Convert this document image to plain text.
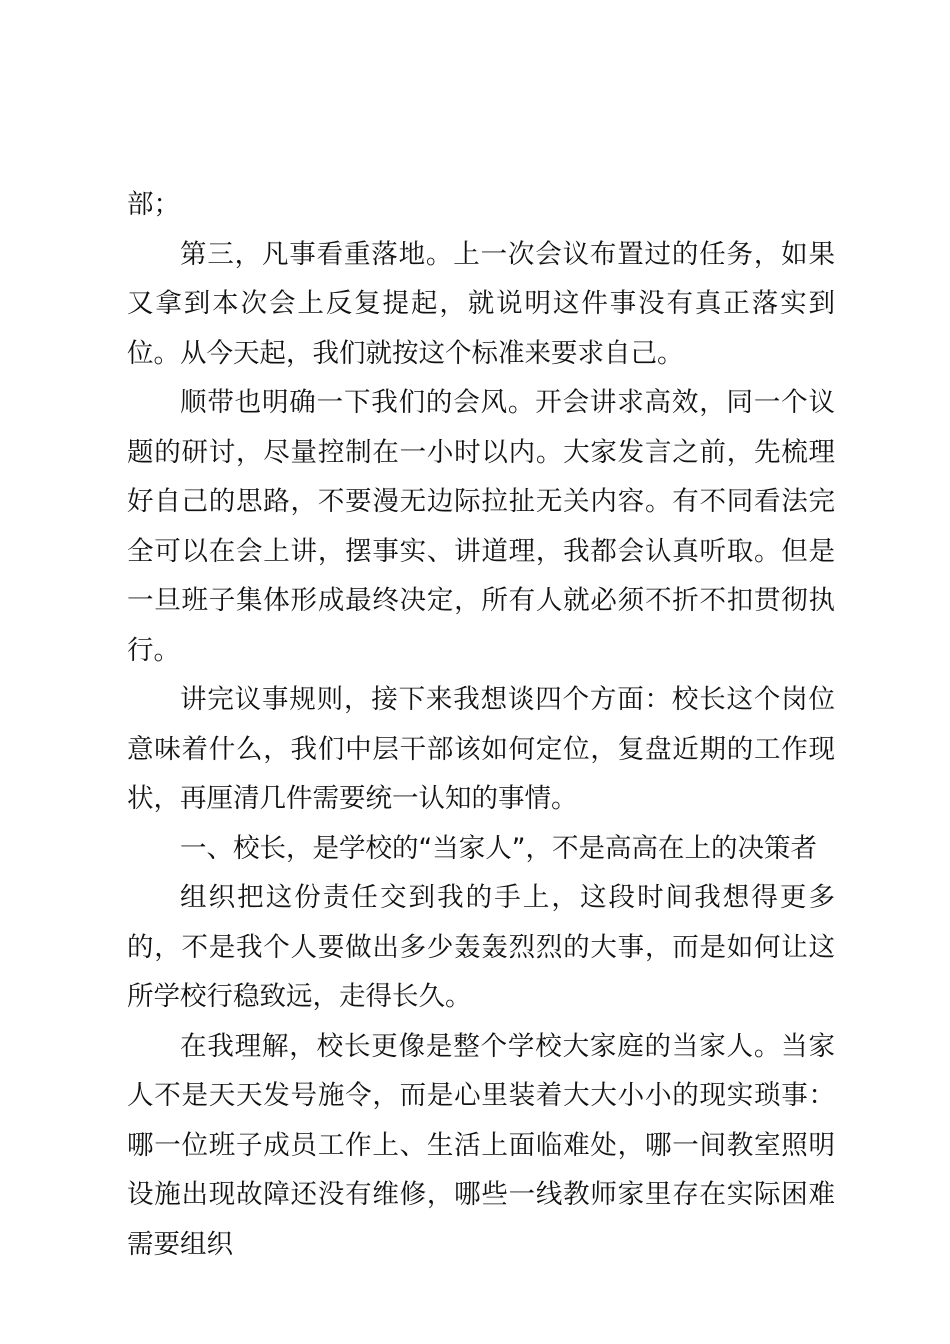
部；

第三，凡事看重落地。上一次会议布置过的任务，如果又拿到本次会上反复提起，就说明这件事没有真正落实到位。从今天起，我们就按这个标准来要求自己。

顺带也明确一下我们的会风。开会讲求高效，同一个议题的研讨，尽量控制在一小时以内。大家发言之前，先梳理好自己的思路，不要漫无边际拉扯无关内容。有不同看法完全可以在会上讲，摆事实、讲道理，我都会认真听取。但是一旦班子集体形成最终决定，所有人就必须不折不扣贯彻执行。

讲完议事规则，接下来我想谈四个方面：校长这个岗位意味着什么，我们中层干部该如何定位，复盘近期的工作现状，再厘清几件需要统一认知的事情。

一、校长，是学校的“当家人”，不是高高在上的决策者

组织把这份责任交到我的手上，这段时间我想得更多的，不是我个人要做出多少轰轰烈烈的大事，而是如何让这所学校行稳致远，走得长久。

在我理解，校长更像是整个学校大家庭的当家人。当家人不是天天发号施令，而是心里装着大大小小的现实琐事：哪一位班子成员工作上、生活上面临难处，哪一间教室照明设施出现故障还没有维修，哪些一线教师家里存在实际困难需要组织
